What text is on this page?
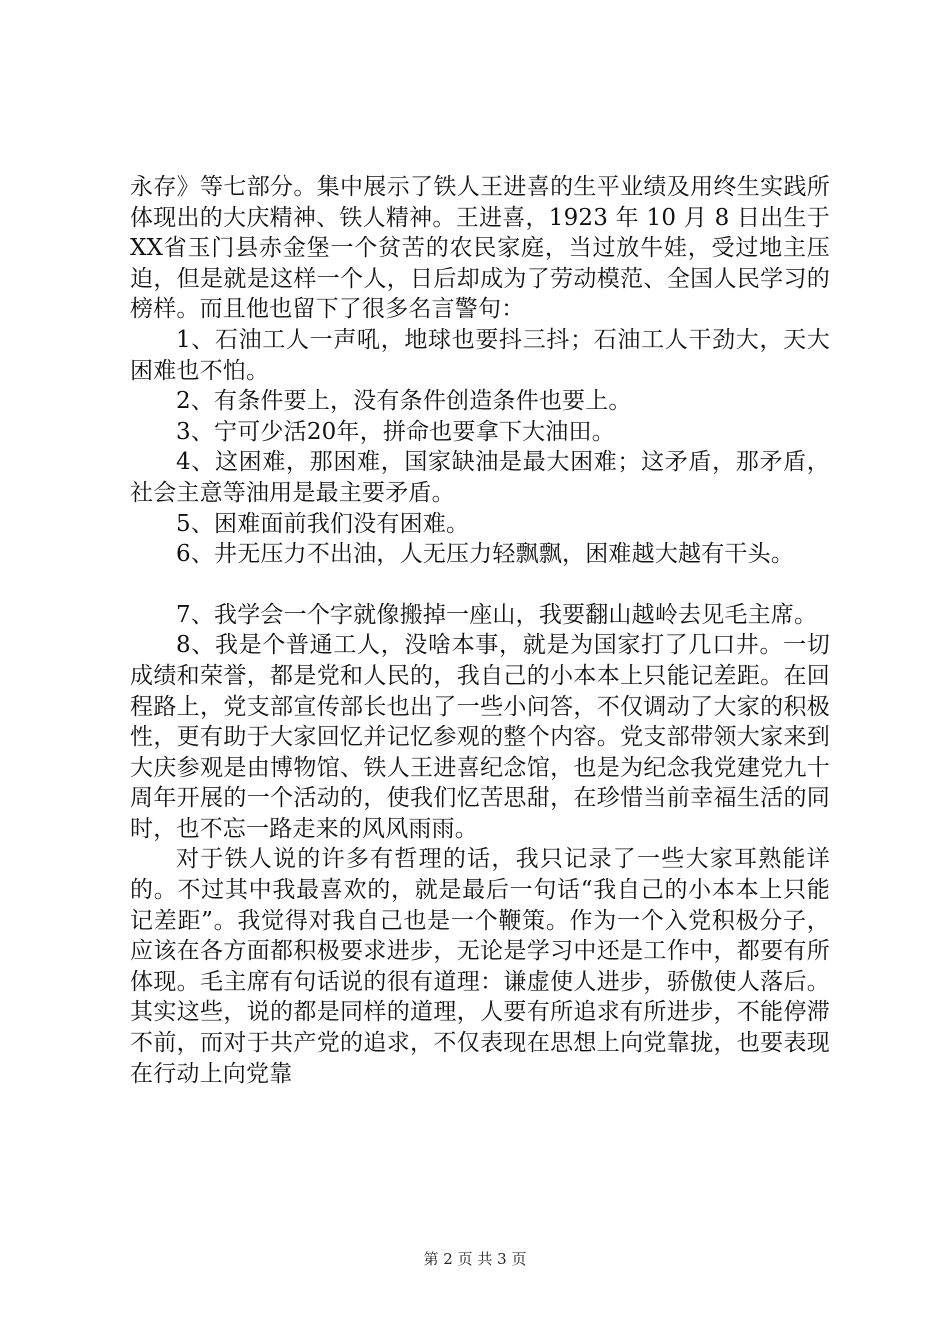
永存》等七部分。集中展示了铁人王进喜的生平业绩及用终生实践所体现出的大庆精神、铁人精神。王进喜，1923 年 10 月 8 日出生于XX省玉门县赤金堡一个贫苦的农民家庭，当过放牛娃，受过地主压迫，但是就是这样一个人，日后却成为了劳动模范、全国人民学习的榜样。而且他也留下了很多名言警句：

1、石油工人一声吼，地球也要抖三抖；石油工人干劲大，天大困难也不怕。

2、有条件要上，没有条件创造条件也要上。

3、宁可少活20年，拼命也要拿下大油田。

4、这困难，那困难，国家缺油是最大困难；这矛盾，那矛盾，社会主意等油用是最主要矛盾。

5、困难面前我们没有困难。

6、井无压力不出油，人无压力轻飘飘，困难越大越有干头。

7、我学会一个字就像搬掉一座山，我要翻山越岭去见毛主席。

8、我是个普通工人，没啥本事，就是为国家打了几口井。一切成绩和荣誉，都是党和人民的，我自己的小本本上只能记差距。在回程路上，党支部宣传部长也出了一些小问答，不仅调动了大家的积极性，更有助于大家回忆并记忆参观的整个内容。党支部带领大家来到大庆参观是由博物馆、铁人王进喜纪念馆，也是为纪念我党建党九十周年开展的一个活动的，使我们忆苦思甜，在珍惜当前幸福生活的同时，也不忘一路走来的风风雨雨。

对于铁人说的许多有哲理的话，我只记录了一些大家耳熟能详的。不过其中我最喜欢的，就是最后一句话“我自己的小本本上只能记差距”。我觉得对我自己也是一个鞭策。作为一个入党积极分子，应该在各方面都积极要求进步，无论是学习中还是工作中，都要有所体现。毛主席有句话说的很有道理：谦虚使人进步，骄傲使人落后。其实这些，说的都是同样的道理，人要有所追求有所进步，不能停滞不前，而对于共产党的追求，不仅表现在思想上向党靠拢，也要表现在行动上向党靠

第 2 页 共 3 页
